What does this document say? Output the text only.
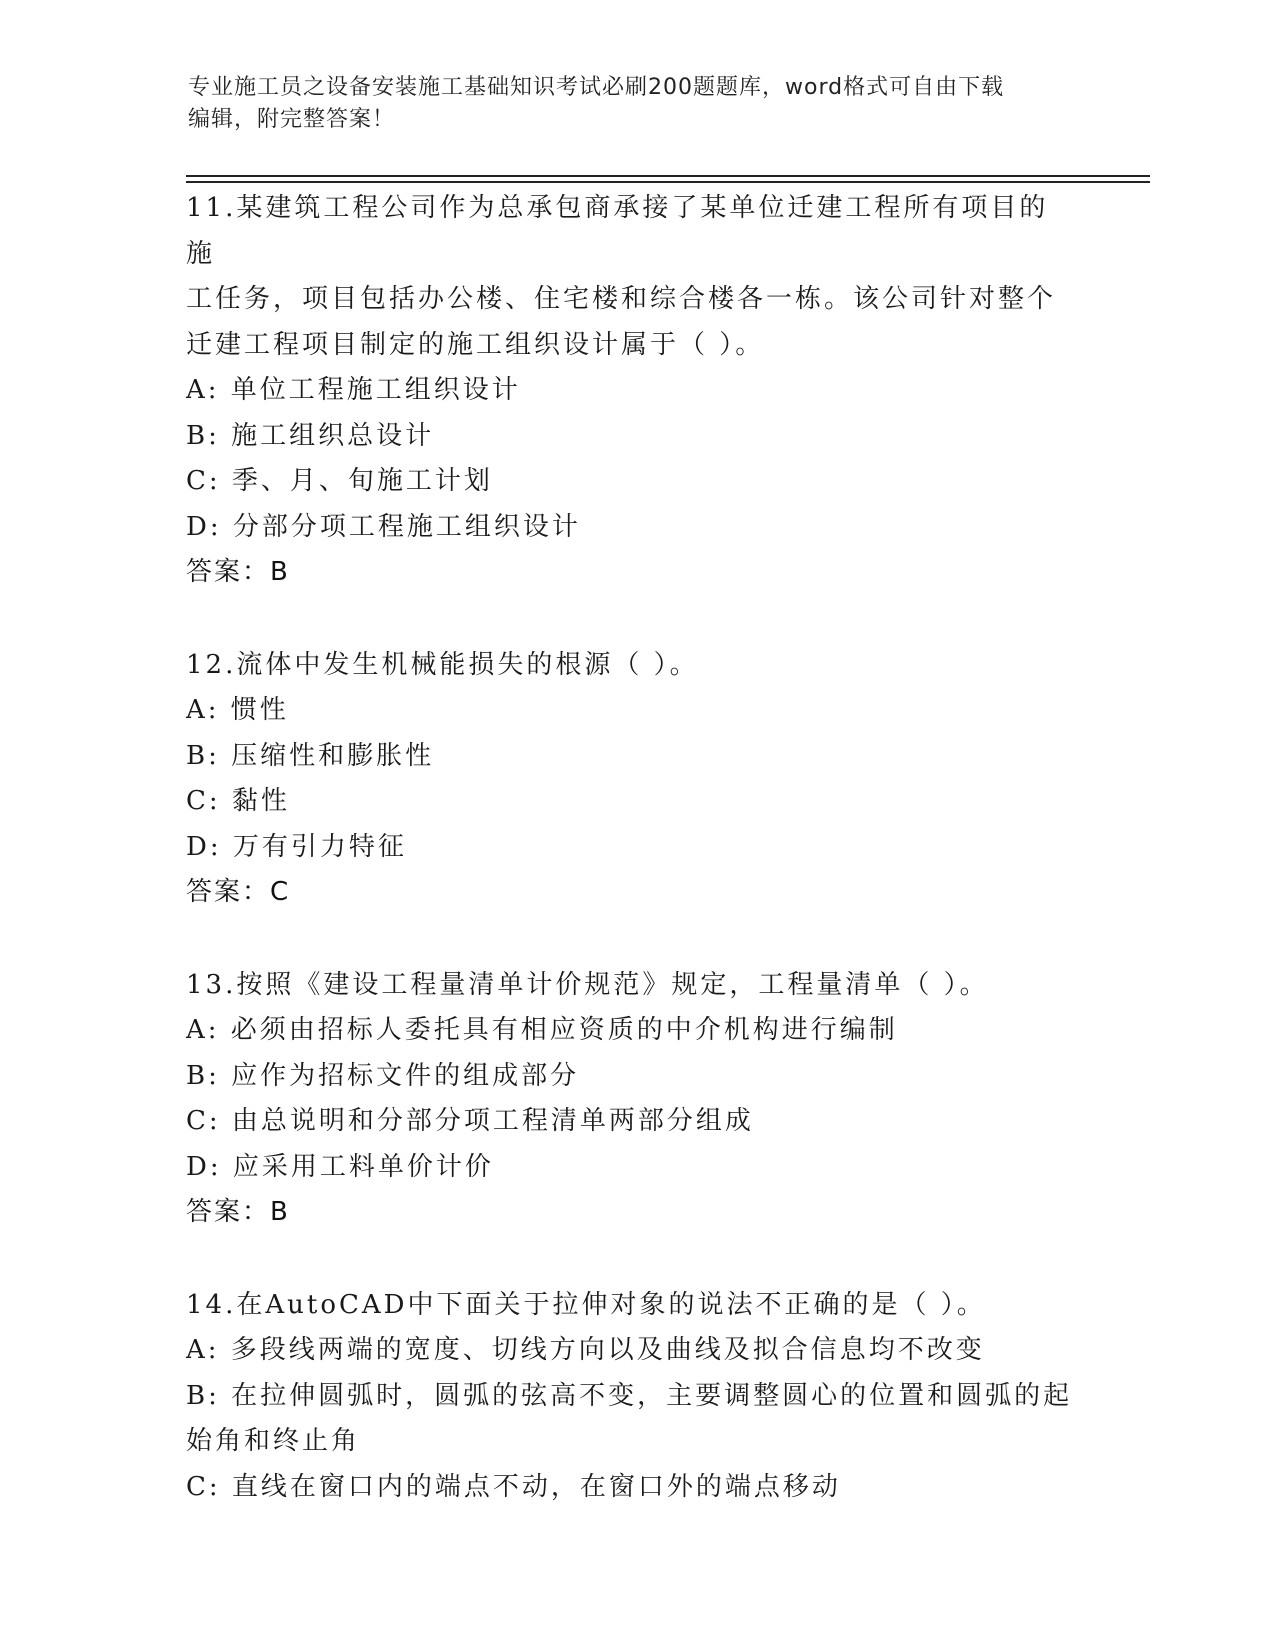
专业施工员之设备安装施工基础知识考试必刷200题题库，word格式可自由下载
编辑，附完整答案！
11.某建筑工程公司作为总承包商承接了某单位迁建工程所有项目的施
工任务，项目包括办公楼、住宅楼和综合楼各一栋。该公司针对整个
迁建工程项目制定的施工组织设计属于（ ）。
A: 单位工程施工组织设计
B: 施工组织总设计
C: 季、月、旬施工计划
D: 分部分项工程施工组织设计
答案：B
12.流体中发生机械能损失的根源（ ）。
A: 惯性
B: 压缩性和膨胀性
C: 黏性
D: 万有引力特征
答案：C
13.按照《建设工程量清单计价规范》规定，工程量清单（ ）。
A: 必须由招标人委托具有相应资质的中介机构进行编制
B: 应作为招标文件的组成部分
C: 由总说明和分部分项工程清单两部分组成
D: 应采用工料单价计价
答案：B
14.在AutoCAD中下面关于拉伸对象的说法不正确的是（ ）。
A: 多段线两端的宽度、切线方向以及曲线及拟合信息均不改变
B: 在拉伸圆弧时，圆弧的弦高不变，主要调整圆心的位置和圆弧的起
始角和终止角
C: 直线在窗口内的端点不动，在窗口外的端点移动
